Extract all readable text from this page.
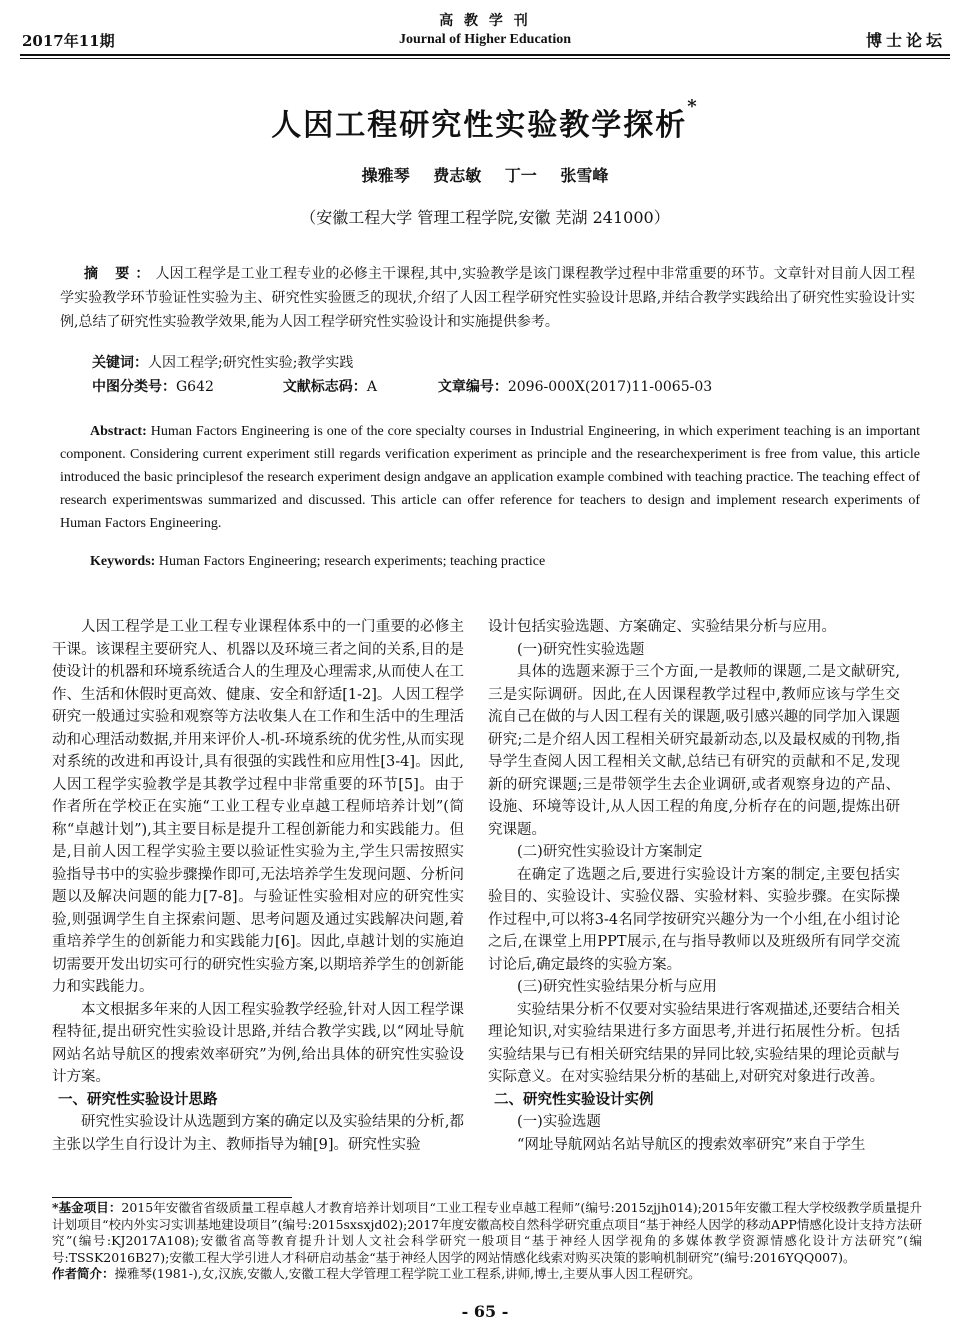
2017年11期
高 教 学 刊
Journal of Higher Education	博士论坛
人因工程研究性实验教学探析*
操雅琴 费志敏 丁一 张雪峰
（安徽工程大学 管理工程学院,安徽 芜湖 241000）
摘 要：人因工程学是工业工程专业的必修主干课程,其中,实验教学是该门课程教学过程中非常重要的环节。文章针对目前人因工程学实验教学环节验证性实验为主、研究性实验匮乏的现状,介绍了人因工程学研究性实验设计思路,并结合教学实践给出了研究性实验设计实例,总结了研究性实验教学效果,能为人因工程学研究性实验设计和实施提供参考。
关键词：人因工程学;研究性实验;教学实践
中图分类号：G642	文献标志码：A	文章编号：2096-000X(2017)11-0065-03
Abstract: Human Factors Engineering is one of the core specialty courses in Industrial Engineering, in which experiment teaching is an important component. Considering current experiment still regards verification experiment as principle and the researchexperiment is free from value, this article introduced the basic principlesof the research experiment design andgave an application example combined with teaching practice. The teaching effect of research experimentswas summarized and discussed. This article can offer reference for teachers to design and implement research experiments of Human Factors Engineering.
Keywords: Human Factors Engineering; research experiments; teaching practice

人因工程学是工业工程专业课程体系中的一门重要的必修主干课。该课程主要研究人、机器以及环境三者之间的关系,目的是使设计的机器和环境系统适合人的生理及心理需求,从而使人在工作、生活和休假时更高效、健康、安全和舒适[1-2]。人因工程学研究一般通过实验和观察等方法收集人在工作和生活中的生理活动和心理活动数据,并用来评价人-机-环境系统的优劣性,从而实现对系统的改进和再设计,具有很强的实践性和应用性[3-4]。因此,人因工程学实验教学是其教学过程中非常重要的环节[5]。由于作者所在学校正在实施“工业工程专业卓越工程师培养计划”(简称“卓越计划”),其主要目标是提升工程创新能力和实践能力。但是,目前人因工程学实验主要以验证性实验为主,学生只需按照实验指导书中的实验步骤操作即可,无法培养学生发现问题、分析问题以及解决问题的能力[7-8]。与验证性实验相对应的研究性实验,则强调学生自主探索问题、思考问题及通过实践解决问题,着重培养学生的创新能力和实践能力[6]。因此,卓越计划的实施迫切需要开发出切实可行的研究性实验方案,以期培养学生的创新能力和实践能力。

本文根据多年来的人因工程实验教学经验,针对人因工程学课程特征,提出研究性实验设计思路,并结合教学实践,以“网址导航网站名站导航区的搜索效率研究”为例,给出具体的研究性实验设计方案。

一、研究性实验设计思路

研究性实验设计从选题到方案的确定以及实验结果的分析,都主张以学生自行设计为主、教师指导为辅[9]。研究性实验

设计包括实验选题、方案确定、实验结果分析与应用。

(一)研究性实验选题

具体的选题来源于三个方面,一是教师的课题,二是文献研究,三是实际调研。因此,在人因课程教学过程中,教师应该与学生交流自己在做的与人因工程有关的课题,吸引感兴趣的同学加入课题研究;二是介绍人因工程相关研究最新动态,以及最权威的刊物,指导学生查阅人因工程相关文献,总结已有研究的贡献和不足,发现新的研究课题;三是带领学生去企业调研,或者观察身边的产品、设施、环境等设计,从人因工程的角度,分析存在的问题,提炼出研究课题。

(二)研究性实验设计方案制定

在确定了选题之后,要进行实验设计方案的制定,主要包括实验目的、实验设计、实验仪器、实验材料、实验步骤。在实际操作过程中,可以将3-4名同学按研究兴趣分为一个小组,在小组讨论之后,在课堂上用PPT展示,在与指导教师以及班级所有同学交流讨论后,确定最终的实验方案。

(三)研究性实验结果分析与应用

实验结果分析不仅要对实验结果进行客观描述,还要结合相关理论知识,对实验结果进行多方面思考,并进行拓展性分析。包括实验结果与已有相关研究结果的异同比较,实验结果的理论贡献与实际意义。在对实验结果分析的基础上,对研究对象进行改善。

二、研究性实验设计实例

(一)实验选题

“网址导航网站名站导航区的搜索效率研究”来自于学生

*基金项目：2015年安徽省省级质量工程卓越人才教育培养计划项目“工业工程专业卓越工程师”(编号:2015zjjh014);2015年安徽工程大学校级教学质量提升计划项目“校内外实习实训基地建设项目”(编号:2015sxsxjd02);2017年度安徽高校自然科学研究重点项目“基于神经人因学的移动APP情感化设计支持方法研究”(编号:KJ2017A108);安徽省高等教育提升计划人文社会科学研究一般项目“基于神经人因学视角的多媒体教学资源情感化设计方法研究”(编号:TSSK2016B27);安徽工程大学引进人才科研启动基金“基于神经人因学的网站情感化线索对购买决策的影响机制研究”(编号:2016YQQ007)。

作者简介：操雅琴(1981-),女,汉族,安徽人,安徽工程大学管理工程学院工业工程系,讲师,博士,主要从事人因工程研究。

- 65 -
